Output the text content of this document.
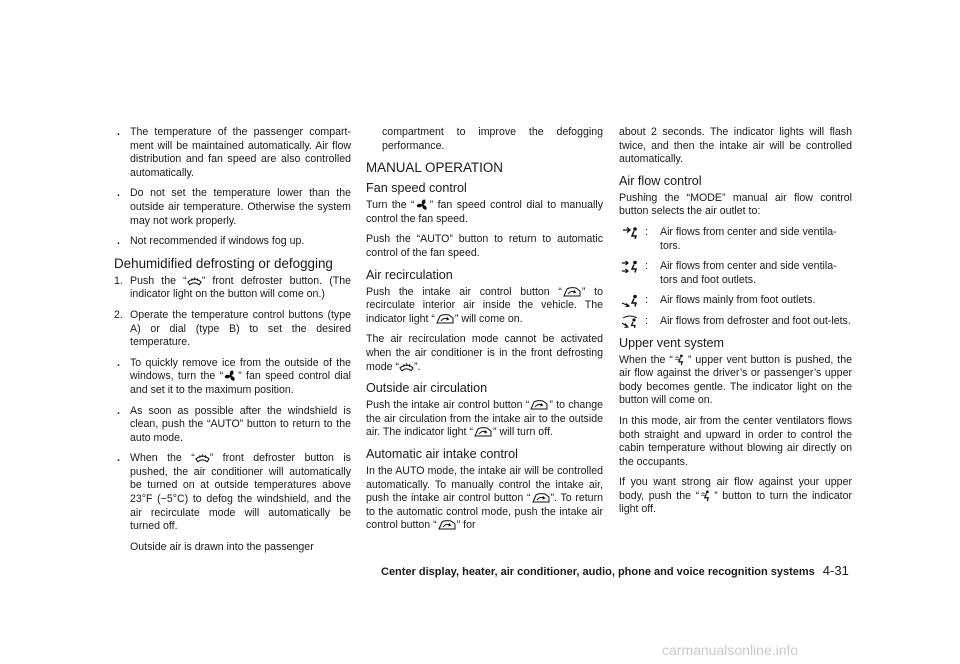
. The temperature of the passenger compart-ment will be maintained automatically. Air flow distribution and fan speed are also controlled automatically.
. Do not set the temperature lower than the outside air temperature. Otherwise the system may not work properly.
. Not recommended if windows fog up.
Dehumidified defrosting or defogging
1. Push the “ ” front defroster button. (The indicator light on the button will come on.)
2. Operate the temperature control buttons (type A) or dial (type B) to set the desired temperature.
. To quickly remove ice from the outside of the windows, turn the “ ” fan speed control dial and set it to the maximum position.
. As soon as possible after the windshield is clean, push the “AUTO” button to return to the auto mode.
. When the “ ” front defroster button is pushed, the air conditioner will automatically be turned on at outside temperatures above 23°F (−5°C) to defog the windshield, and the air recirculate mode will automatically be turned off.

Outside air is drawn into the passenger

compartment to improve the defogging performance.

MANUAL OPERATION
Fan speed control

Turn the “ ” fan speed control dial to manually control the fan speed.

Push the “AUTO” button to return to automatic control of the fan speed.

Air recirculation

Push the intake air control button “ ” to recirculate interior air inside the vehicle. The indicator light “ ” will come on.

The air recirculation mode cannot be activated when the air conditioner is in the front defrosting mode “ ”.

Outside air circulation

Push the intake air control button “ ” to change the air circulation from the intake air to the outside air. The indicator light “ ” will turn off.

Automatic air intake control

In the AUTO mode, the intake air will be controlled automatically. To manually control the intake air, push the intake air control button “ ”. To return to the automatic control mode, push the intake air control button “ ” for

about 2 seconds. The indicator lights will flash twice, and then the intake air will be controlled automatically.

Air flow control

Pushing the “MODE” manual air flow control button selects the air outlet to:

: Air flows from center and side ventila-tors.
: Air flows from center and side ventila-tors and foot outlets.
: Air flows mainly from foot outlets.
: Air flows from defroster and foot out-lets.
Upper vent system

When the “ ” upper vent button is pushed, the air flow against the driver’s or passenger’s upper body becomes gentle. The indicator light on the button will come on.

In this mode, air from the center ventilators flows both straight and upward in order to control the cabin temperature without blowing air directly on the occupants.

If you want strong air flow against your upper body, push the “ ” button to turn the indicator light off.

Center display, heater, air conditioner, audio, phone and voice recognition systems 4-31
carmanualsonline.info
